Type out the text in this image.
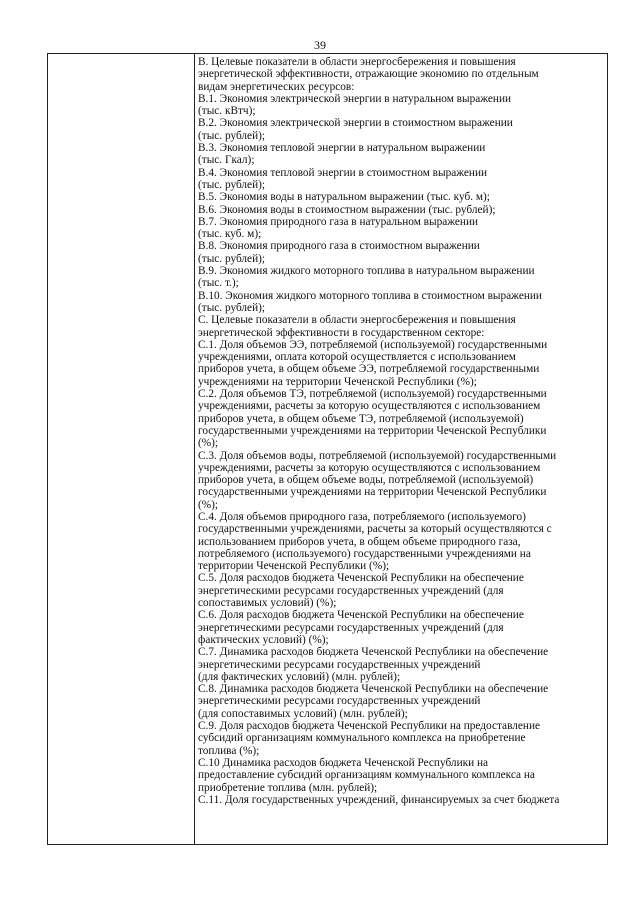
39
В. Целевые показатели в области энергосбережения и повышения
энергетической эффективности, отражающие экономию по отдельным
видам энергетических ресурсов:
В.1. Экономия электрической энергии в натуральном выражении
(тыс. кВтч);
В.2. Экономия электрической энергии в стоимостном выражении
(тыс. рублей);
В.3. Экономия тепловой энергии в натуральном выражении
(тыс. Гкал);
В.4. Экономия тепловой энергии в стоимостном выражении
(тыс. рублей);
В.5. Экономия воды в натуральном выражении (тыс. куб. м);
В.6. Экономия воды в стоимостном выражении (тыс. рублей);
В.7. Экономия природного газа в натуральном выражении
(тыс. куб. м);
В.8. Экономия природного газа в стоимостном выражении
(тыс. рублей);
В.9. Экономия жидкого моторного топлива в натуральном выражении
(тыс. т.);
В.10. Экономия жидкого моторного топлива в стоимостном выражении
(тыс. рублей);
С. Целевые показатели в области энергосбережения и повышения
энергетической эффективности в государственном секторе:
С.1. Доля объемов ЭЭ, потребляемой (используемой) государственными
учреждениями, оплата которой осуществляется с использованием
приборов учета, в общем объеме ЭЭ, потребляемой государственными
учреждениями на территории Чеченской Республики (%);
С.2. Доля объемов ТЭ, потребляемой (используемой) государственными
учреждениями, расчеты за которую осуществляются с использованием
приборов учета, в общем объеме ТЭ, потребляемой (используемой)
государственными учреждениями на территории Чеченской Республики
(%);
С.3. Доля объемов воды, потребляемой (используемой) государственными
учреждениями, расчеты за которую осуществляются с использованием
приборов учета, в общем объеме воды, потребляемой (используемой)
государственными учреждениями на территории Чеченской Республики
(%);
С.4. Доля объемов природного газа, потребляемого (используемого)
государственными учреждениями, расчеты за который осуществляются с
использованием приборов учета, в общем объеме природного газа,
потребляемого (используемого) государственными учреждениями на
территории Чеченской Республики (%);
С.5. Доля расходов бюджета Чеченской Республики на обеспечение
энергетическими ресурсами государственных учреждений (для
сопоставимых условий) (%);
С.6. Доля расходов бюджета Чеченской Республики на обеспечение
энергетическими ресурсами государственных учреждений (для
фактических условий) (%);
С.7. Динамика расходов бюджета Чеченской Республики на обеспечение
энергетическими ресурсами государственных учреждений
(для фактических условий) (млн. рублей);
С.8. Динамика расходов бюджета Чеченской Республики на обеспечение
энергетическими ресурсами государственных учреждений
(для сопоставимых условий) (млн. рублей);
С.9. Доля расходов бюджета Чеченской Республики на предоставление
субсидий организациям коммунального комплекса на приобретение
топлива (%);
С.10 Динамика расходов бюджета Чеченской Республики на
предоставление субсидий организациям коммунального комплекса на
приобретение топлива (млн. рублей);
С.11. Доля государственных учреждений, финансируемых за счет бюджета
